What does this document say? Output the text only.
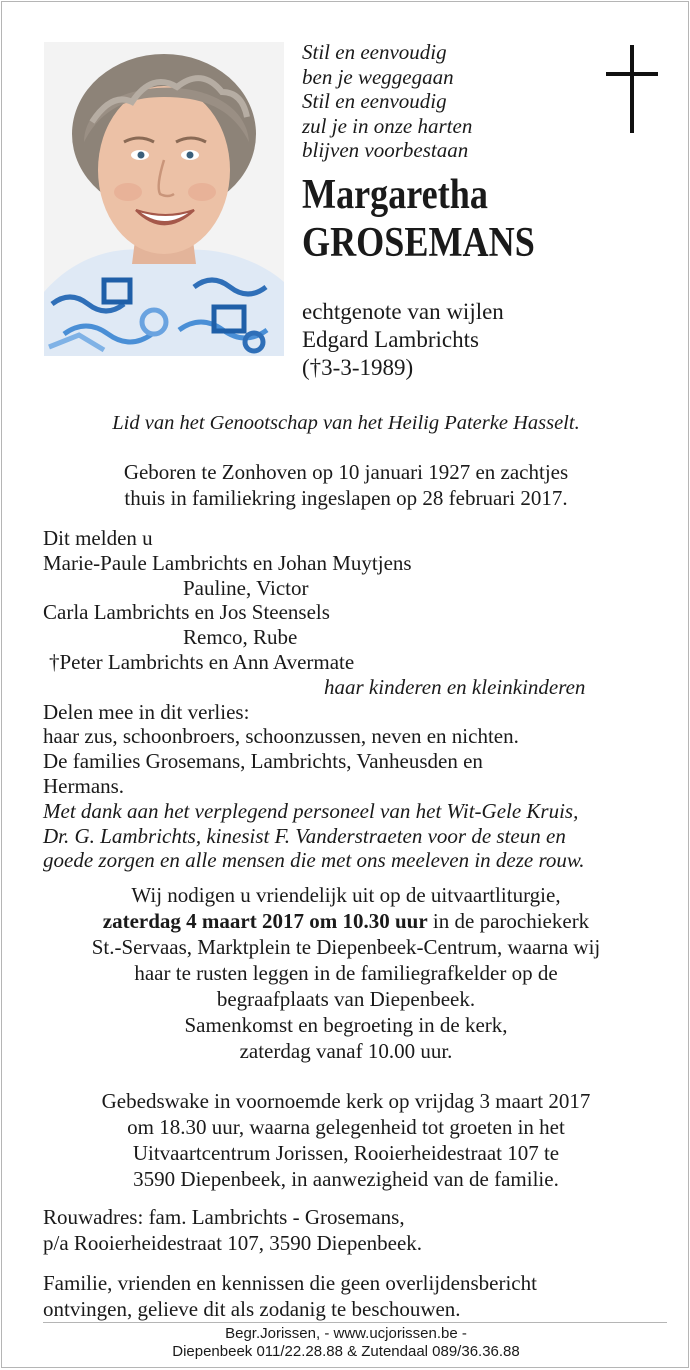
Stil en eenvoudig
ben je weggegaan
Stil en eenvoudig
zul je in onze harten
blijven voorbestaan
Margaretha
GROSEMANS
echtgenote van wijlen
Edgard Lambrichts
(†3-3-1989)
Lid van het Genootschap van het Heilig Paterke Hasselt.
Geboren te Zonhoven op 10 januari 1927 en zachtjes
thuis in familiekring ingeslapen op 28 februari 2017.
Dit melden u
Marie-Paule Lambrichts en Johan Muytjens
Pauline, Victor
Carla Lambrichts en Jos Steensels
Remco, Rube
†Peter Lambrichts en Ann Avermate
haar kinderen en kleinkinderen
Delen mee in dit verlies:
haar zus, schoonbroers, schoonzussen, neven en nichten.
De families Grosemans, Lambrichts, Vanheusden en
Hermans.
Met dank aan het verplegend personeel van het Wit-Gele Kruis,
Dr. G. Lambrichts, kinesist F. Vanderstraeten voor de steun en
goede zorgen en alle mensen die met ons meeleven in deze rouw.
Wij nodigen u vriendelijk uit op de uitvaartliturgie,
zaterdag 4 maart 2017 om 10.30 uur in de parochiekerk
St.-Servaas, Marktplein te Diepenbeek-Centrum, waarna wij
haar te rusten leggen in de familiegrafkelder op de
begraafplaats van Diepenbeek.
Samenkomst en begroeting in de kerk,
zaterdag vanaf 10.00 uur.
Gebedswake in voornoemde kerk op vrijdag 3 maart 2017
om 18.30 uur, waarna gelegenheid tot groeten in het
Uitvaartcentrum Jorissen, Rooierheidestraat 107 te
3590 Diepenbeek, in aanwezigheid van de familie.
Rouwadres: fam. Lambrichts - Grosemans,
p/a Rooierheidestraat 107, 3590 Diepenbeek.
Familie, vrienden en kennissen die geen overlijdensbericht
ontvingen, gelieve dit als zodanig te beschouwen.
Begr.Jorissen, - www.ucjorissen.be -
Diepenbeek 011/22.28.88 & Zutendaal 089/36.36.88
